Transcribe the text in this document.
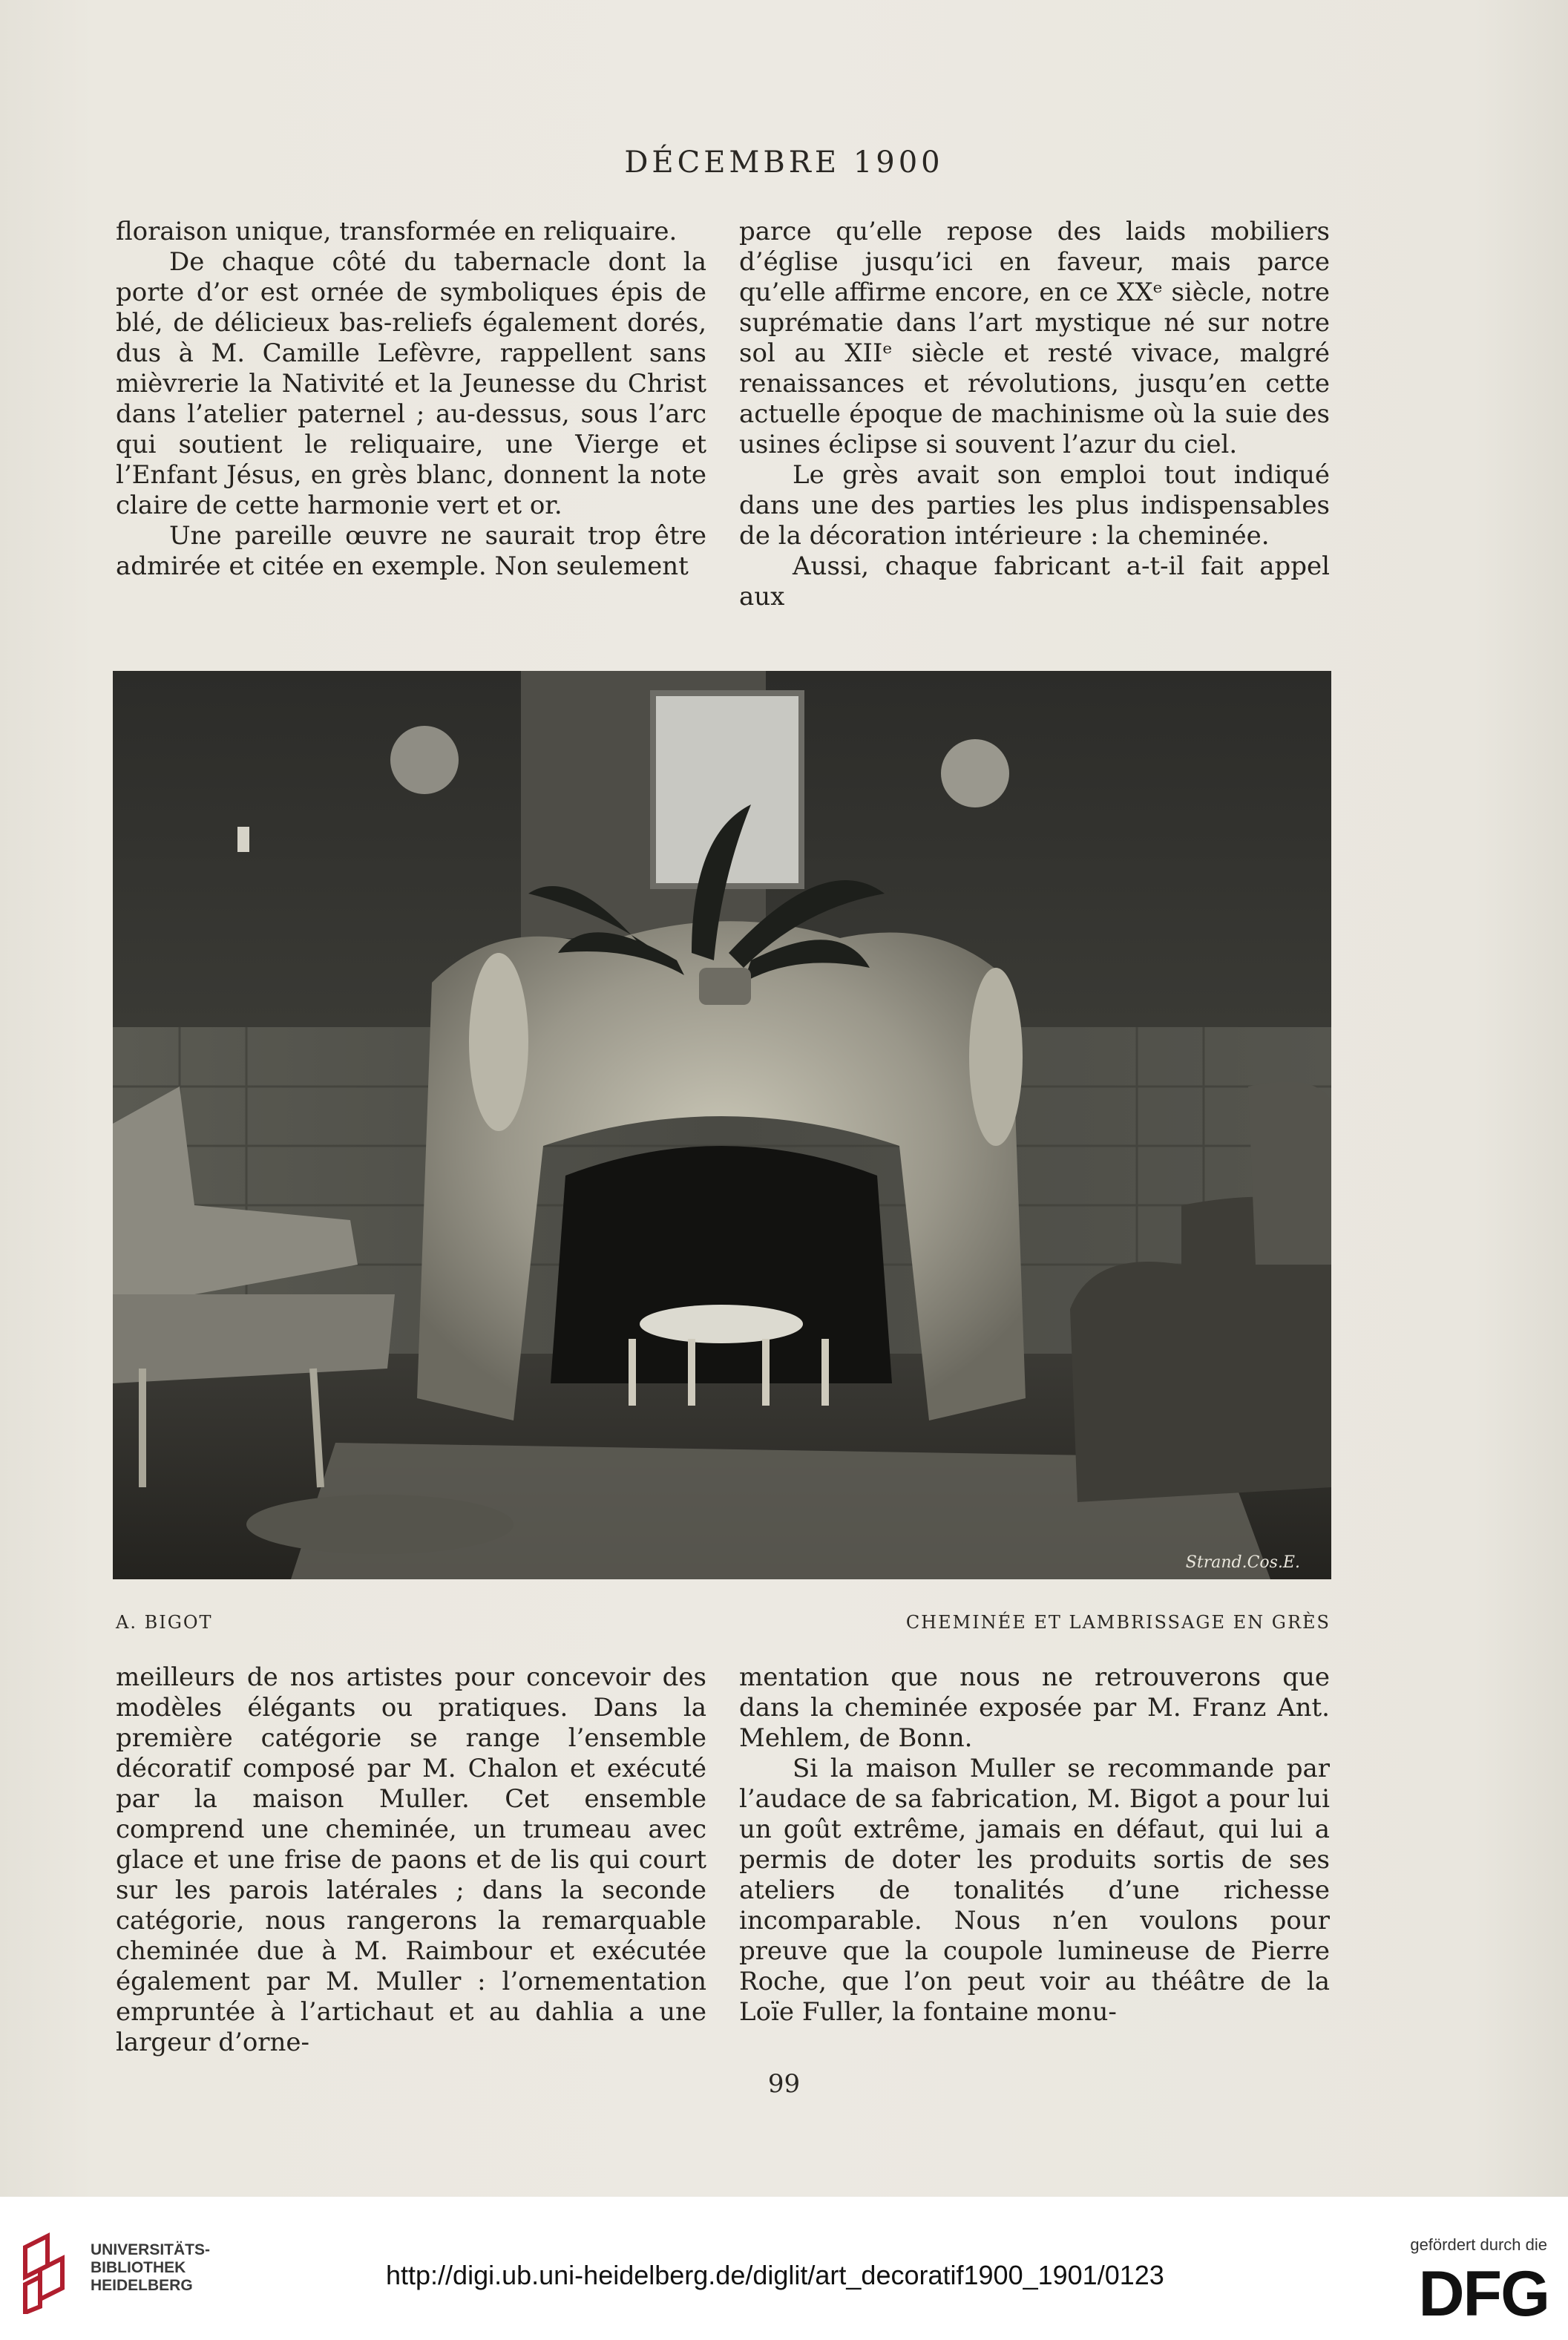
DÉCEMBRE 1900

floraison unique, transformée en reliquaire.

De chaque côté du tabernacle dont la porte d’or est ornée de symboliques épis de blé, de délicieux bas-reliefs également dorés, dus à M. Camille Lefèvre, rappellent sans mièvrerie la Nativité et la Jeunesse du Christ dans l’atelier paternel ; au-dessus, sous l’arc qui soutient le reliquaire, une Vierge et l’Enfant Jésus, en grès blanc, donnent la note claire de cette harmonie vert et or.

Une pareille œuvre ne saurait trop être admirée et citée en exemple. Non seulement

parce qu’elle repose des laids mobiliers d’église jusqu’ici en faveur, mais parce qu’elle affirme encore, en ce XXᵉ siècle, notre suprématie dans l’art mystique né sur notre sol au XIIᵉ siècle et resté vivace, malgré renaissances et révolutions, jusqu’en cette actuelle époque de machinisme où la suie des usines éclipse si souvent l’azur du ciel.

Le grès avait son emploi tout indiqué dans une des parties les plus indispensables de la décoration intérieure : la cheminée.

Aussi, chaque fabricant a-t-il fait appel aux

Strand.Cos.E.
A. BIGOT	CHEMINÉE ET LAMBRISSAGE EN GRÈS

meilleurs de nos artistes pour concevoir des modèles élégants ou pratiques. Dans la première catégorie se range l’ensemble décoratif composé par M. Chalon et exécuté par la maison Muller. Cet ensemble comprend une cheminée, un trumeau avec glace et une frise de paons et de lis qui court sur les parois latérales ; dans la seconde catégorie, nous rangerons la remarquable cheminée due à M. Raimbour et exécutée également par M. Muller : l’ornementation empruntée à l’artichaut et au dahlia a une largeur d’orne-

mentation que nous ne retrouverons que dans la cheminée exposée par M. Franz Ant. Mehlem, de Bonn.

Si la maison Muller se recommande par l’audace de sa fabrication, M. Bigot a pour lui un goût extrême, jamais en défaut, qui lui a permis de doter les produits sortis de ses ateliers de tonalités d’une richesse incomparable. Nous n’en voulons pour preuve que la coupole lumineuse de Pierre Roche, que l’on peut voir au théâtre de la Loïe Fuller, la fontaine monu-

99
UNIVERSITÄTS-
BIBLIOTHEK
HEIDELBERG	http://digi.ub.uni-heidelberg.de/diglit/art_decoratif1900_1901/0123
gefördert durch die
DFG
